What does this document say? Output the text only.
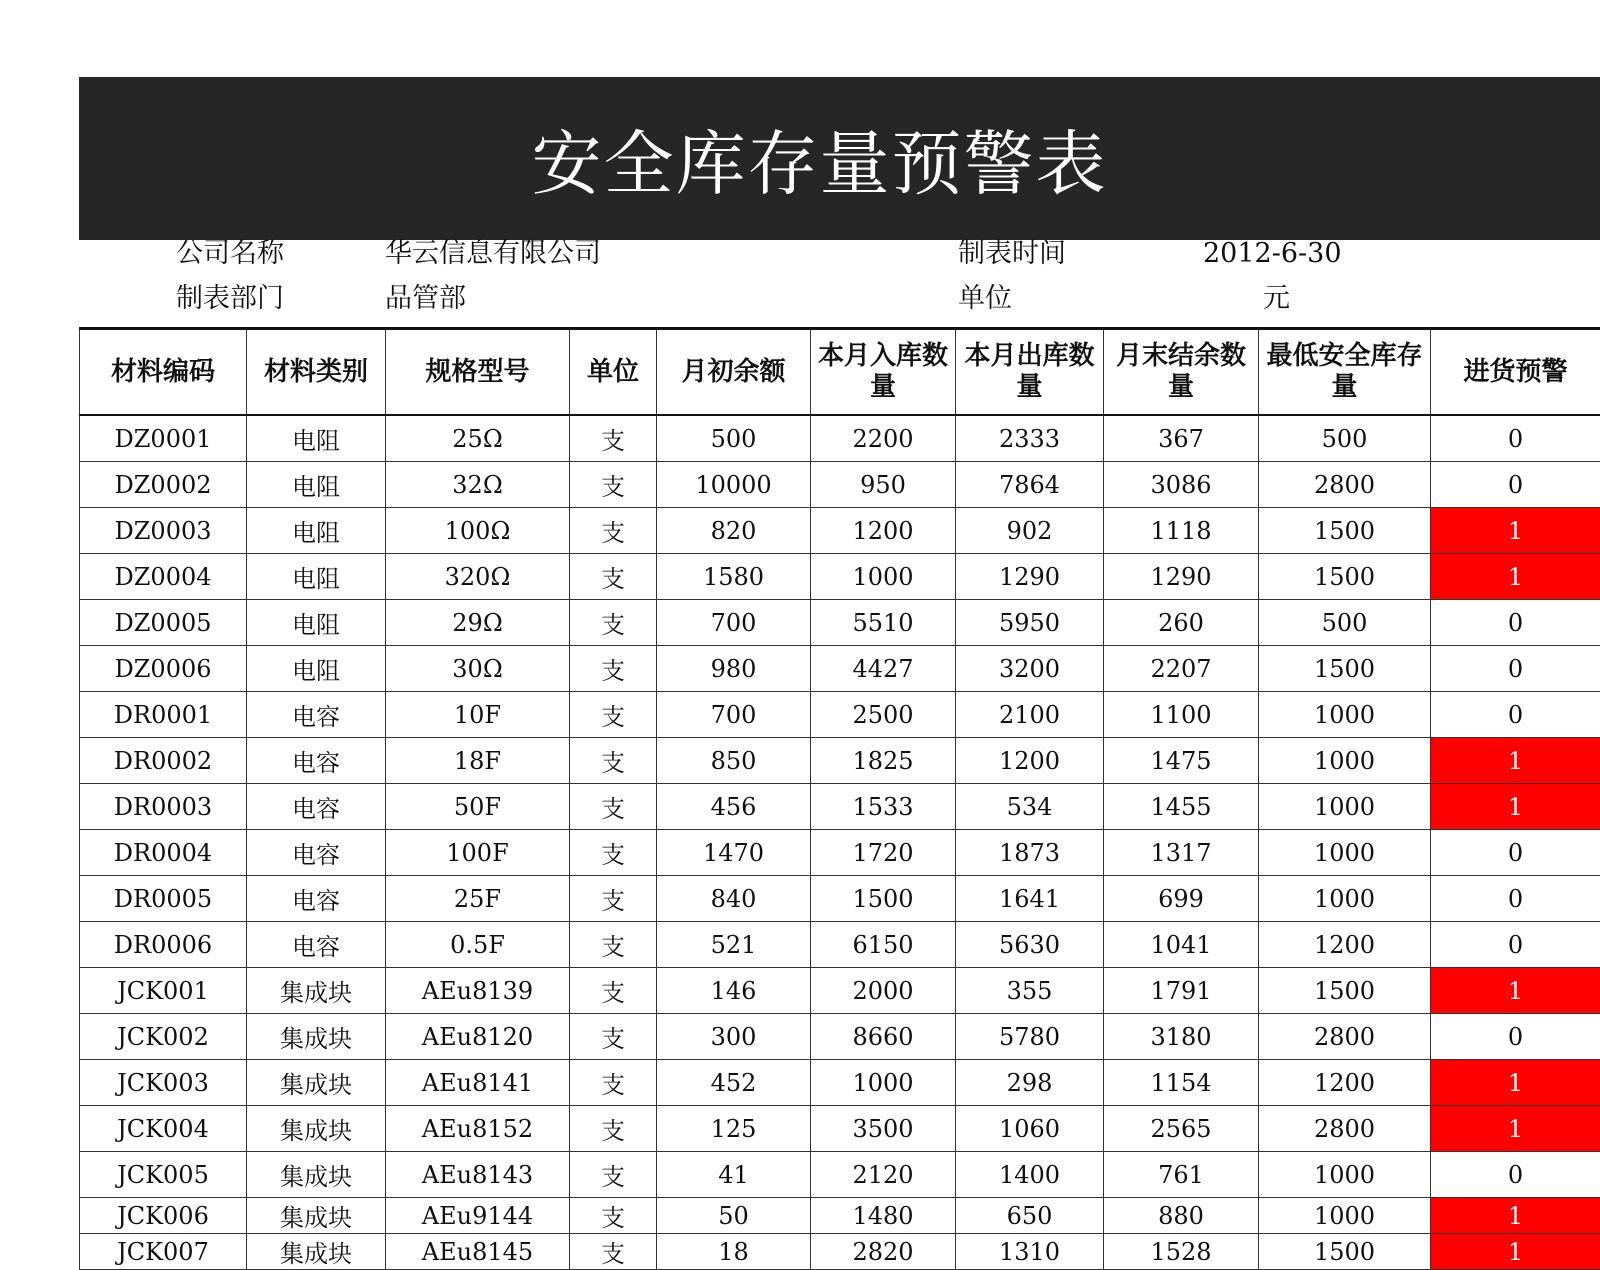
安全库存量预警表
公司名称	华云信息有限公司	制表时间	2012-6-30
制表部门	品管部	单位	元
材料编码	材料类别	规格型号	单位	月初余额	本月入库数量	本月出库数量	月末结余数量	最低安全库存量	进货预警
DZ0001	电阻	25Ω	支	500	2200	2333	367	500	0
DZ0002	电阻	32Ω	支	10000	950	7864	3086	2800	0
DZ0003	电阻	100Ω	支	820	1200	902	1118	1500	1
DZ0004	电阻	320Ω	支	1580	1000	1290	1290	1500	1
DZ0005	电阻	29Ω	支	700	5510	5950	260	500	0
DZ0006	电阻	30Ω	支	980	4427	3200	2207	1500	0
DR0001	电容	10F	支	700	2500	2100	1100	1000	0
DR0002	电容	18F	支	850	1825	1200	1475	1000	1
DR0003	电容	50F	支	456	1533	534	1455	1000	1
DR0004	电容	100F	支	1470	1720	1873	1317	1000	0
DR0005	电容	25F	支	840	1500	1641	699	1000	0
DR0006	电容	0.5F	支	521	6150	5630	1041	1200	0
JCK001	集成块	AEu8139	支	146	2000	355	1791	1500	1
JCK002	集成块	AEu8120	支	300	8660	5780	3180	2800	0
JCK003	集成块	AEu8141	支	452	1000	298	1154	1200	1
JCK004	集成块	AEu8152	支	125	3500	1060	2565	2800	1
JCK005	集成块	AEu8143	支	41	2120	1400	761	1000	0
JCK006	集成块	AEu9144	支	50	1480	650	880	1000	1
JCK007	集成块	AEu8145	支	18	2820	1310	1528	1500	1
